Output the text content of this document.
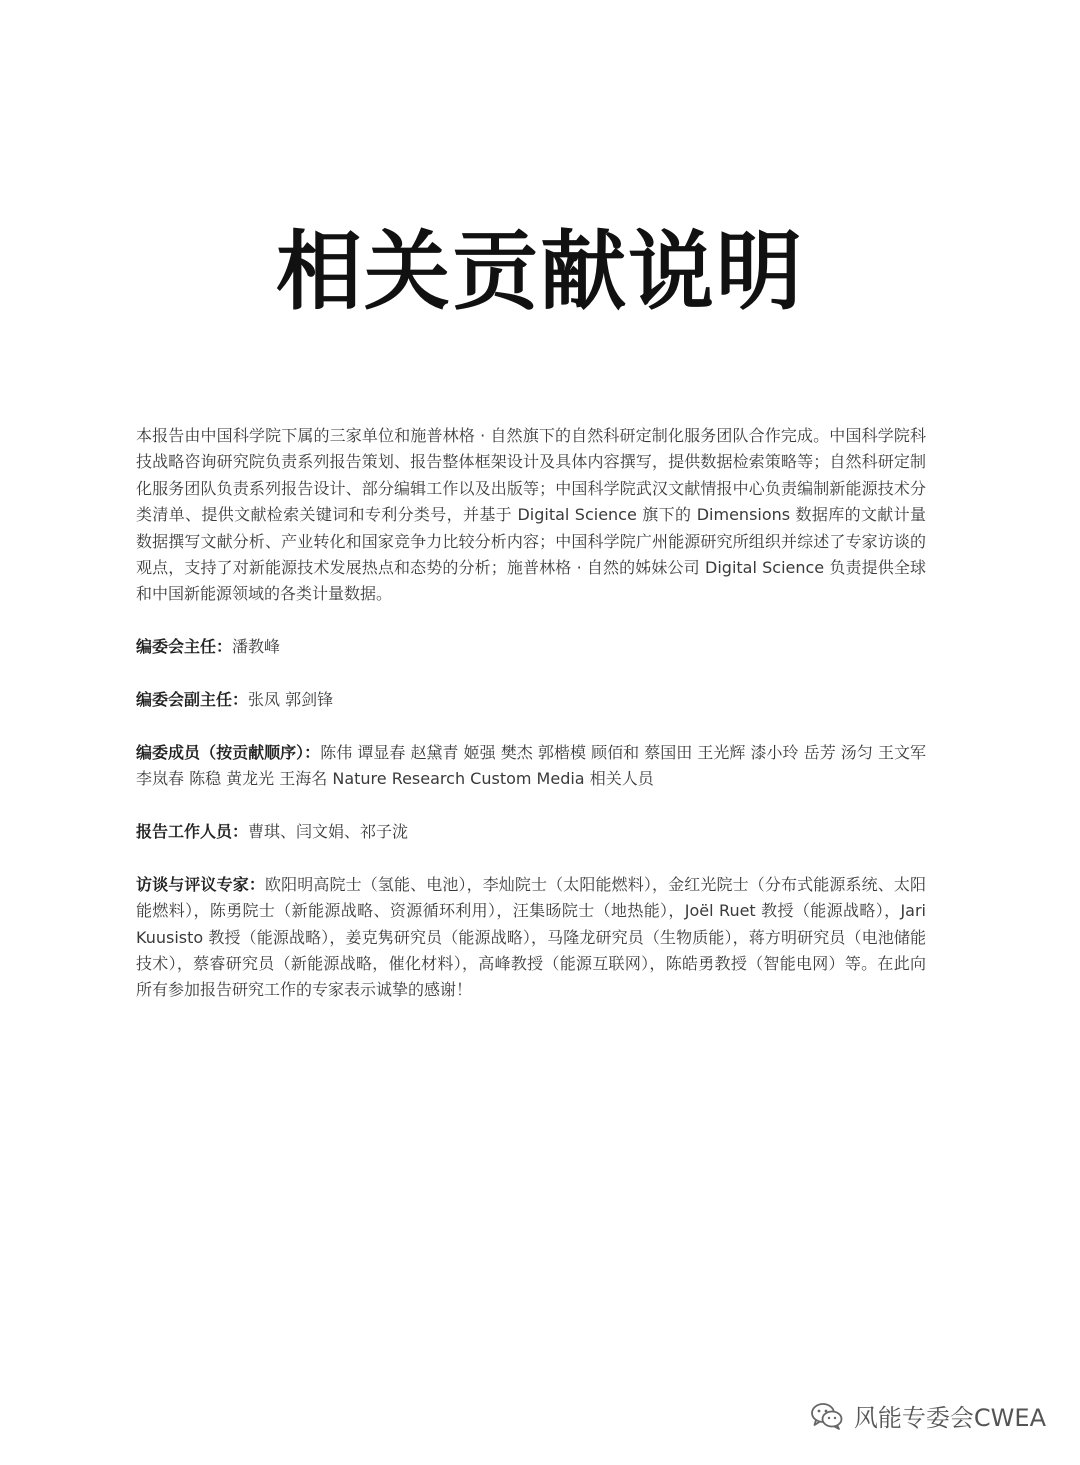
相关贡献说明

本报告由中国科学院下属的三家单位和施普林格 · 自然旗下的自然科研定制化服务团队合作完成。中国科学院科技战略咨询研究院负责系列报告策划、报告整体框架设计及具体内容撰写，提供数据检索策略等；自然科研定制化服务团队负责系列报告设计、部分编辑工作以及出版等；中国科学院武汉文献情报中心负责编制新能源技术分类清单、提供文献检索关键词和专利分类号，并基于 Digital Science 旗下的 Dimensions 数据库的文献计量数据撰写文献分析、产业转化和国家竞争力比较分析内容；中国科学院广州能源研究所组织并综述了专家访谈的观点，支持了对新能源技术发展热点和态势的分析；施普林格 · 自然的姊妹公司 Digital Science 负责提供全球和中国新能源领域的各类计量数据。

编委会主任：潘教峰

编委会副主任：张凤 郭剑锋

编委成员（按贡献顺序）：陈伟 谭显春 赵黛青 姬强 樊杰 郭楷模 顾佰和 蔡国田 王光辉 漆小玲 岳芳 汤匀 王文军 李岚春 陈稳 黄龙光 王海名 Nature Research Custom Media 相关人员

报告工作人员：曹琪、闫文娟、祁子泷

访谈与评议专家：欧阳明高院士（氢能、电池），李灿院士（太阳能燃料），金红光院士（分布式能源系统、太阳能燃料），陈勇院士（新能源战略、资源循环利用），汪集旸院士（地热能），Joël Ruet 教授（能源战略），Jari Kuusisto 教授（能源战略），姜克隽研究员（能源战略），马隆龙研究员（生物质能），蒋方明研究员（电池储能技术），蔡睿研究员（新能源战略，催化材料），高峰教授（能源互联网），陈皓勇教授（智能电网）等。在此向所有参加报告研究工作的专家表示诚挚的感谢！

风能专委会CWEA
